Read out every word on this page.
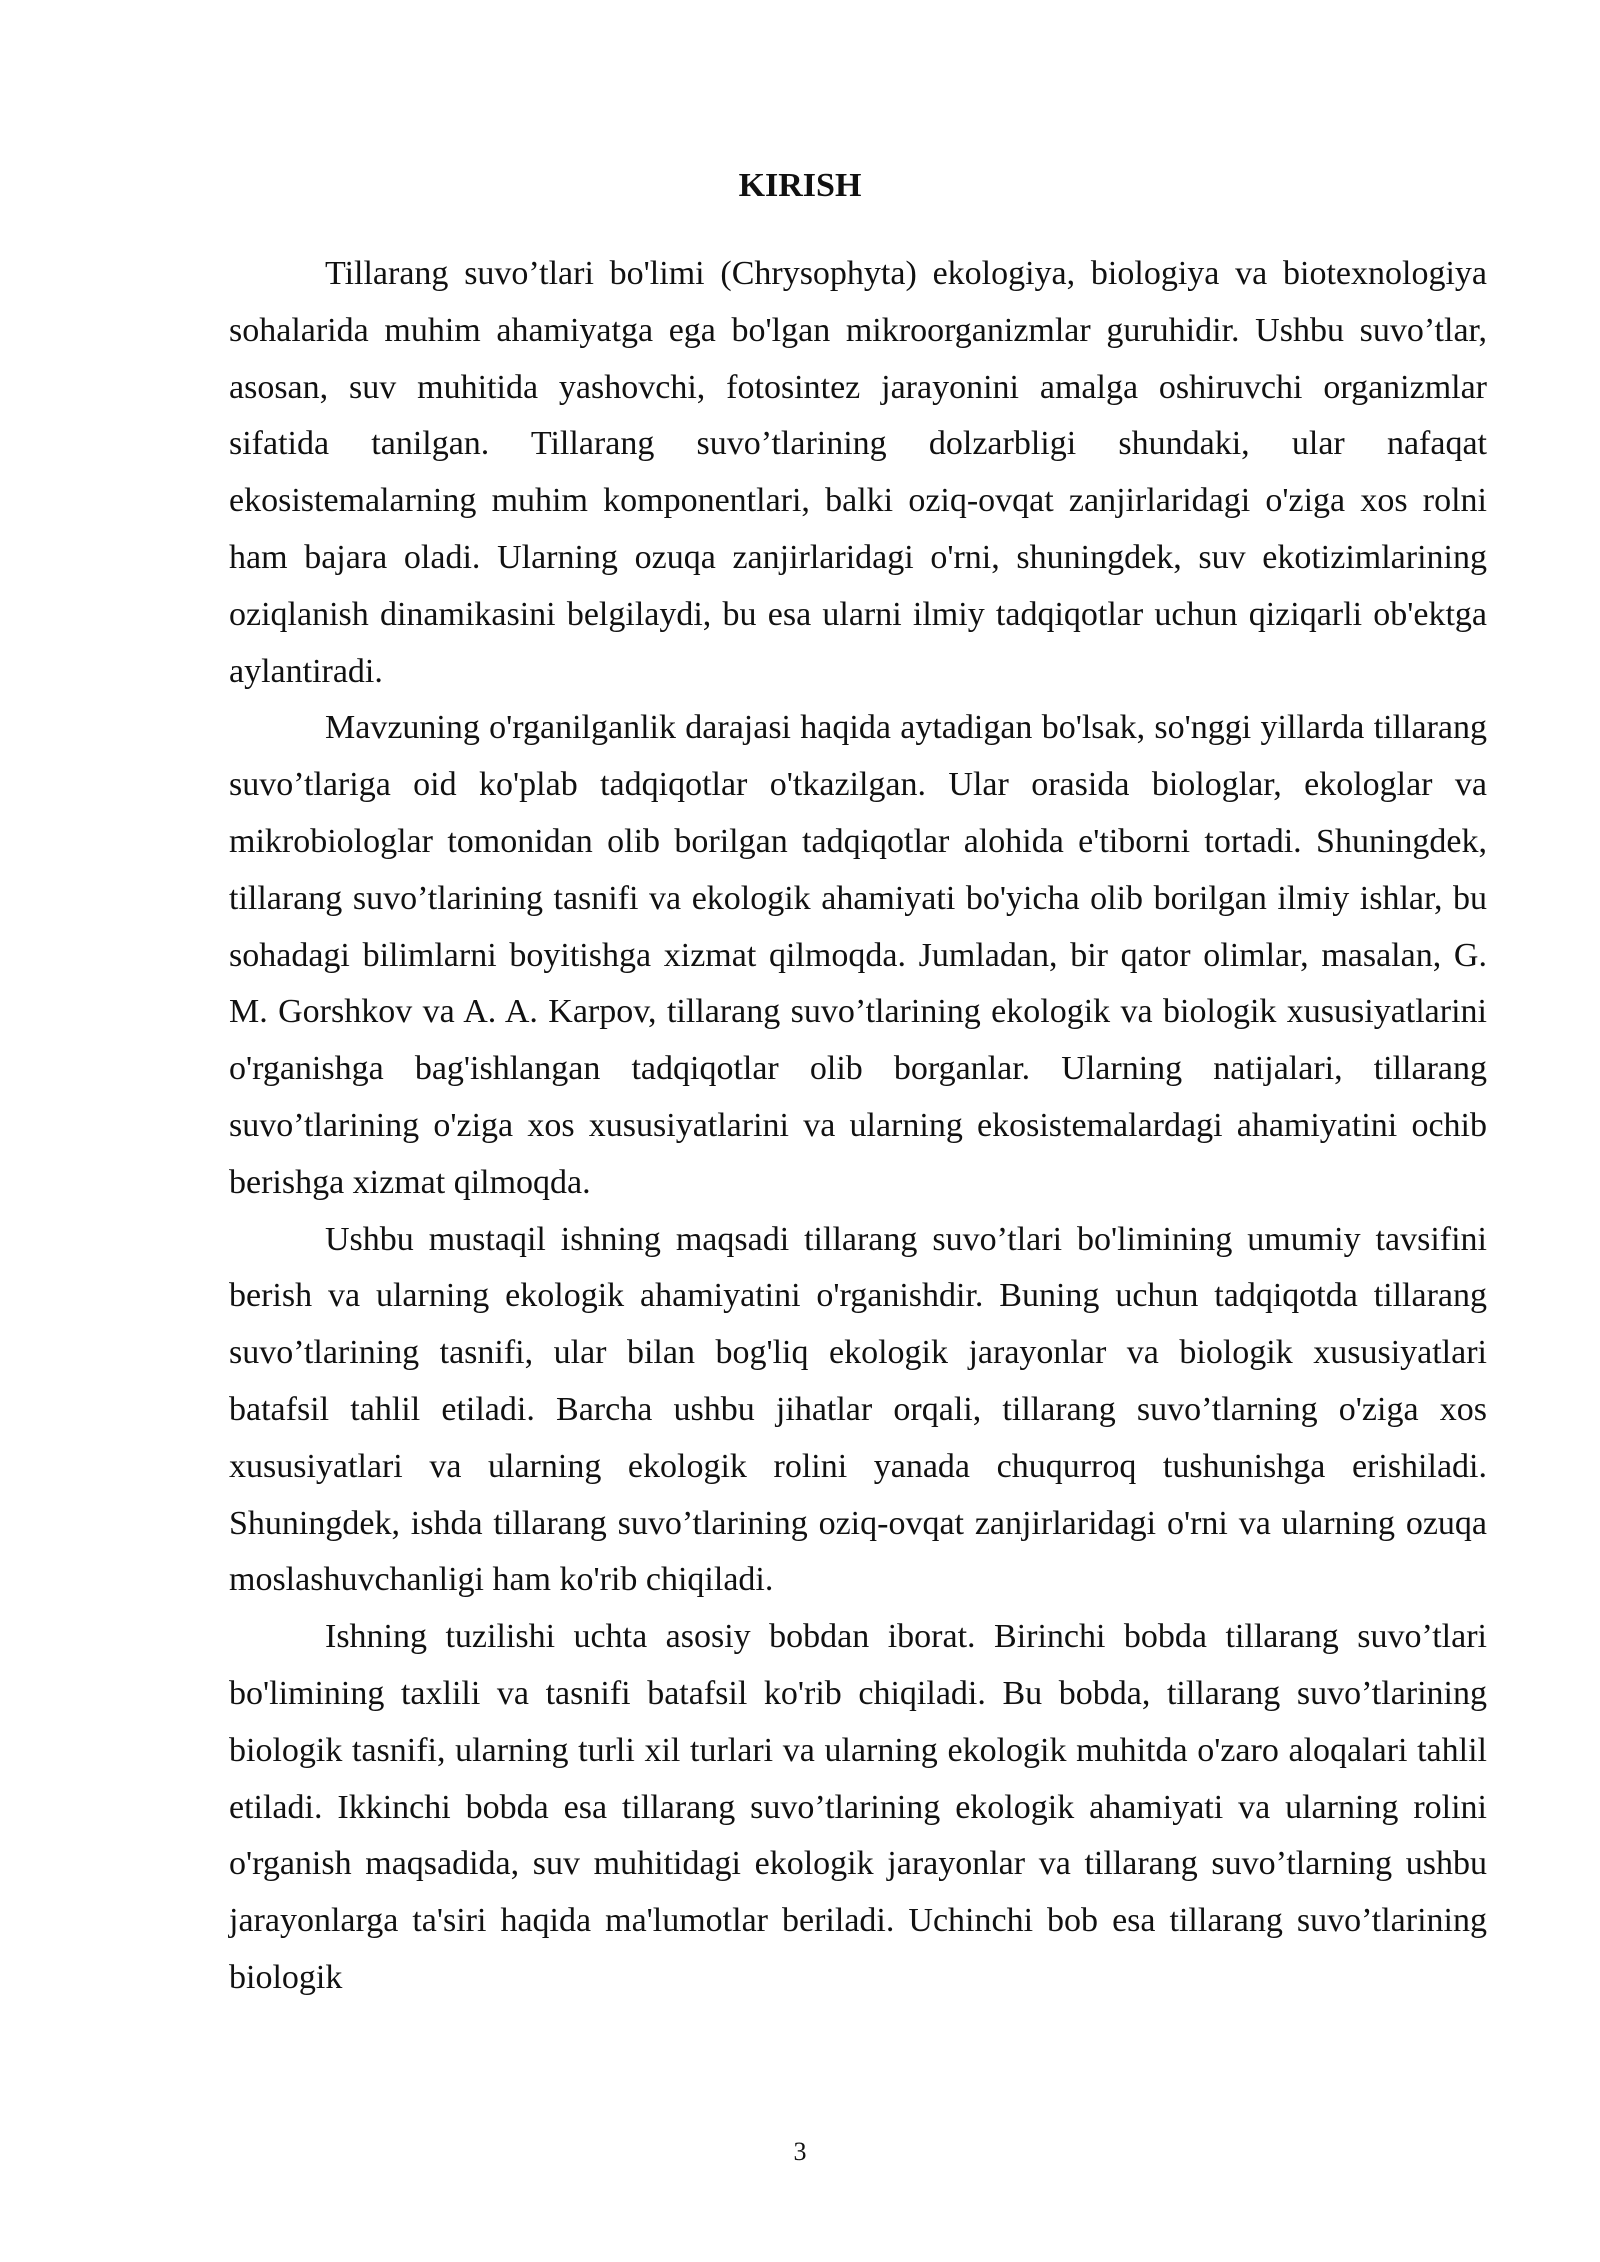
KIRISH

Tillarang suvo’tlari bo'limi (Chrysophyta) ekologiya, biologiya va biotexnologiya sohalarida muhim ahamiyatga ega bo'lgan mikroorganizmlar guruhidir. Ushbu suvo’tlar, asosan, suv muhitida yashovchi, fotosintez jarayonini amalga oshiruvchi organizmlar sifatida tanilgan. Tillarang suvo’tlarining dolzarbligi shundaki, ular nafaqat ekosistemalarning muhim komponentlari, balki oziq-ovqat zanjirlaridagi o'ziga xos rolni ham bajara oladi. Ularning ozuqa zanjirlaridagi o'rni, shuningdek, suv ekotizimlarining oziqlanish dinamikasini belgilaydi, bu esa ularni ilmiy tadqiqotlar uchun qiziqarli ob'ektga aylantiradi.

Mavzuning o'rganilganlik darajasi haqida aytadigan bo'lsak, so'nggi yillarda tillarang suvo’tlariga oid ko'plab tadqiqotlar o'tkazilgan. Ular orasida biologlar, ekologlar va mikrobiologlar tomonidan olib borilgan tadqiqotlar alohida e'tiborni tortadi. Shuningdek, tillarang suvo’tlarining tasnifi va ekologik ahamiyati bo'yicha olib borilgan ilmiy ishlar, bu sohadagi bilimlarni boyitishga xizmat qilmoqda. Jumladan, bir qator olimlar, masalan, G. M. Gorshkov va A. A. Karpov, tillarang suvo’tlarining ekologik va biologik xususiyatlarini o'rganishga bag'ishlangan tadqiqotlar olib borganlar. Ularning natijalari, tillarang suvo’tlarining o'ziga xos xususiyatlarini va ularning ekosistemalardagi ahamiyatini ochib berishga xizmat qilmoqda.

Ushbu mustaqil ishning maqsadi tillarang suvo’tlari bo'limining umumiy tavsifini berish va ularning ekologik ahamiyatini o'rganishdir. Buning uchun tadqiqotda tillarang suvo’tlarining tasnifi, ular bilan bog'liq ekologik jarayonlar va biologik xususiyatlari batafsil tahlil etiladi. Barcha ushbu jihatlar orqali, tillarang suvo’tlarning o'ziga xos xususiyatlari va ularning ekologik rolini yanada chuqurroq tushunishga erishiladi. Shuningdek, ishda tillarang suvo’tlarining oziq-ovqat zanjirlaridagi o'rni va ularning ozuqa moslashuvchanligi ham ko'rib chiqiladi.

Ishning tuzilishi uchta asosiy bobdan iborat. Birinchi bobda tillarang suvo’tlari bo'limining taxlili va tasnifi batafsil ko'rib chiqiladi. Bu bobda, tillarang suvo’tlarining biologik tasnifi, ularning turli xil turlari va ularning ekologik muhitda o'zaro aloqalari tahlil etiladi. Ikkinchi bobda esa tillarang suvo’tlarining ekologik ahamiyati va ularning rolini o'rganish maqsadida, suv muhitidagi ekologik jarayonlar va tillarang suvo’tlarning ushbu jarayonlarga ta'siri haqida ma'lumotlar beriladi. Uchinchi bob esa tillarang suvo’tlarining biologik

3
